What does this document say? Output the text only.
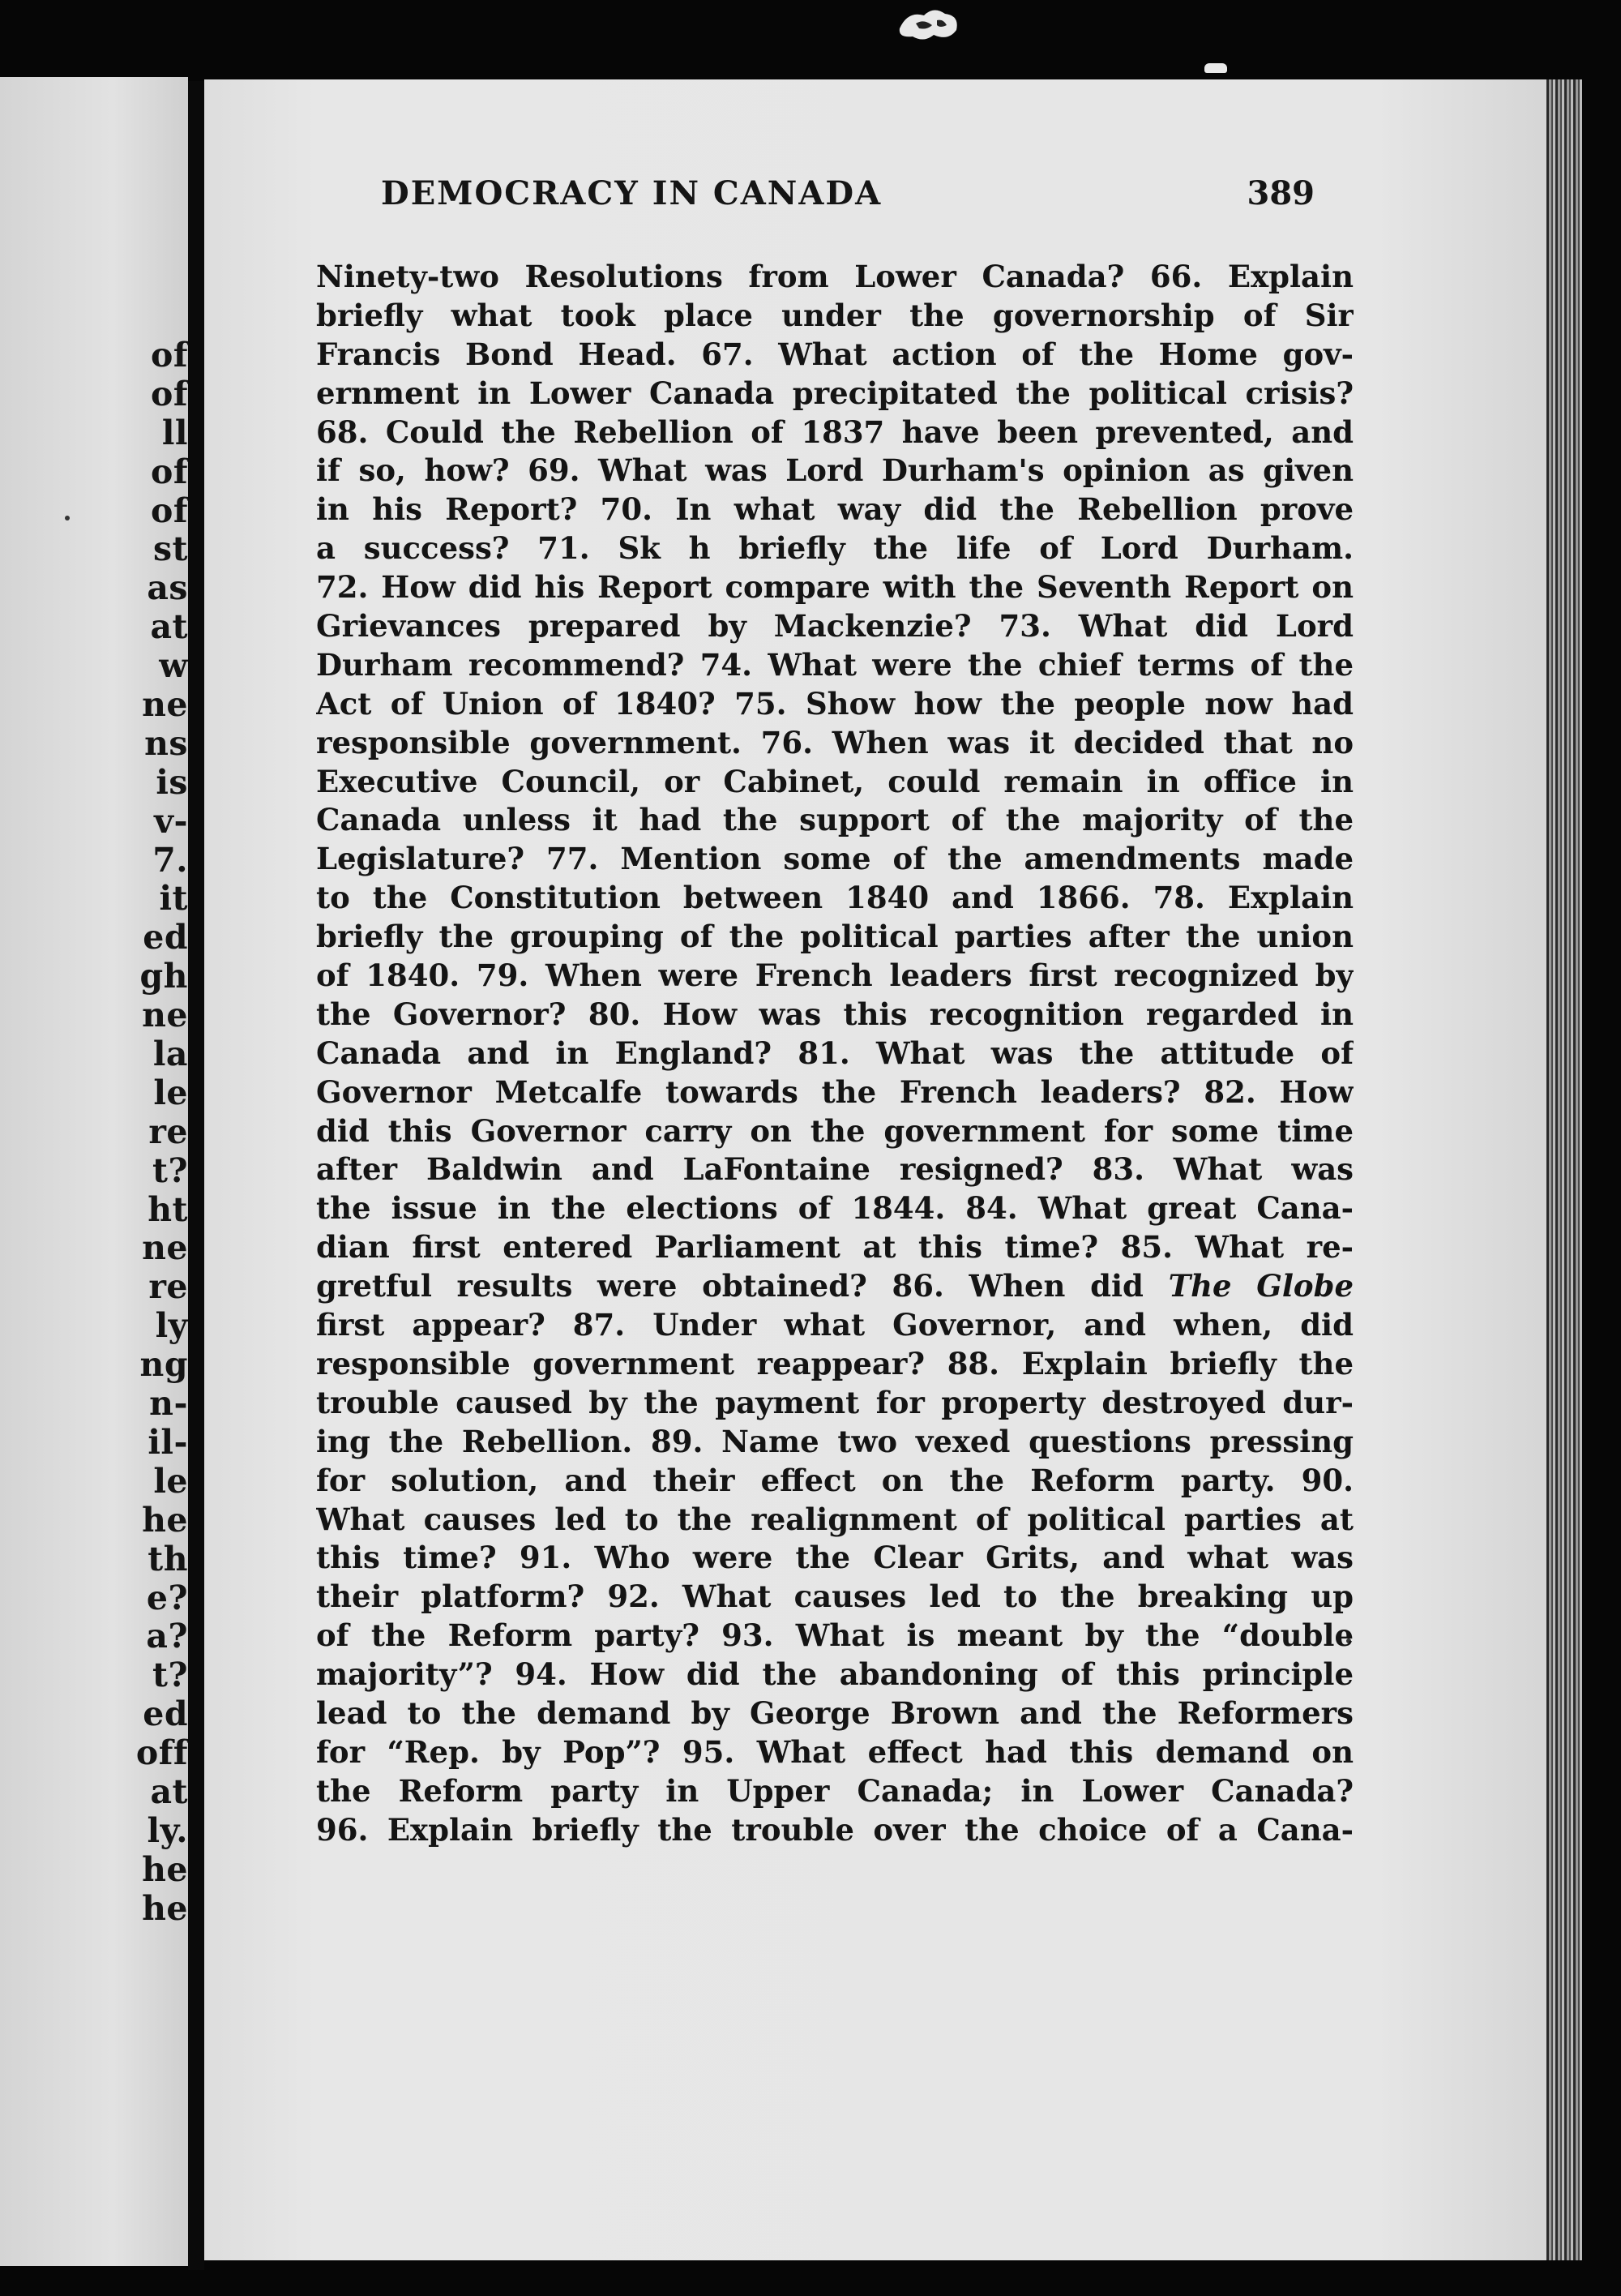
of
of
ll
of
of
st
as
at
w
ne
ns
is
v-
7.
it
ed
gh
ne
la
le
re
t?
ht
ne
re
ly
ng
n-
il-
le
he
th
e?
a?
t?
ed
off
at
ly.
he
he
DEMOCRACY IN CANADA	389
Ninety-two Resolutions from Lower Canada? 66. Explain
briefly what took place under the governorship of Sir
Francis Bond Head. 67. What action of the Home gov-
ernment in Lower Canada precipitated the political crisis?
68. Could the Rebellion of 1837 have been prevented, and
if so, how? 69. What was Lord Durham's opinion as given
in his Report? 70. In what way did the Rebellion prove
a success? 71. Sk h briefly the life of Lord Durham.
72. How did his Report compare with the Seventh Report on
Grievances prepared by Mackenzie? 73. What did Lord
Durham recommend? 74. What were the chief terms of the
Act of Union of 1840? 75. Show how the people now had
responsible government. 76. When was it decided that no
Executive Council, or Cabinet, could remain in office in
Canada unless it had the support of the majority of the
Legislature? 77. Mention some of the amendments made
to the Constitution between 1840 and 1866. 78. Explain
briefly the grouping of the political parties after the union
of 1840. 79. When were French leaders first recognized by
the Governor? 80. How was this recognition regarded in
Canada and in England? 81. What was the attitude of
Governor Metcalfe towards the French leaders? 82. How
did this Governor carry on the government for some time
after Baldwin and LaFontaine resigned? 83. What was
the issue in the elections of 1844. 84. What great Cana-
dian first entered Parliament at this time? 85. What re-
gretful results were obtained? 86. When did The Globe
first appear? 87. Under what Governor, and when, did
responsible government reappear? 88. Explain briefly the
trouble caused by the payment for property destroyed dur-
ing the Rebellion. 89. Name two vexed questions pressing
for solution, and their effect on the Reform party. 90.
What causes led to the realignment of political parties at
this time? 91. Who were the Clear Grits, and what was
their platform? 92. What causes led to the breaking up
of the Reform party? 93. What is meant by the “double
majority”? 94. How did the abandoning of this principle
lead to the demand by George Brown and the Reformers
for “Rep. by Pop”? 95. What effect had this demand on
the Reform party in Upper Canada; in Lower Canada?
96. Explain briefly the trouble over the choice of a Cana-
